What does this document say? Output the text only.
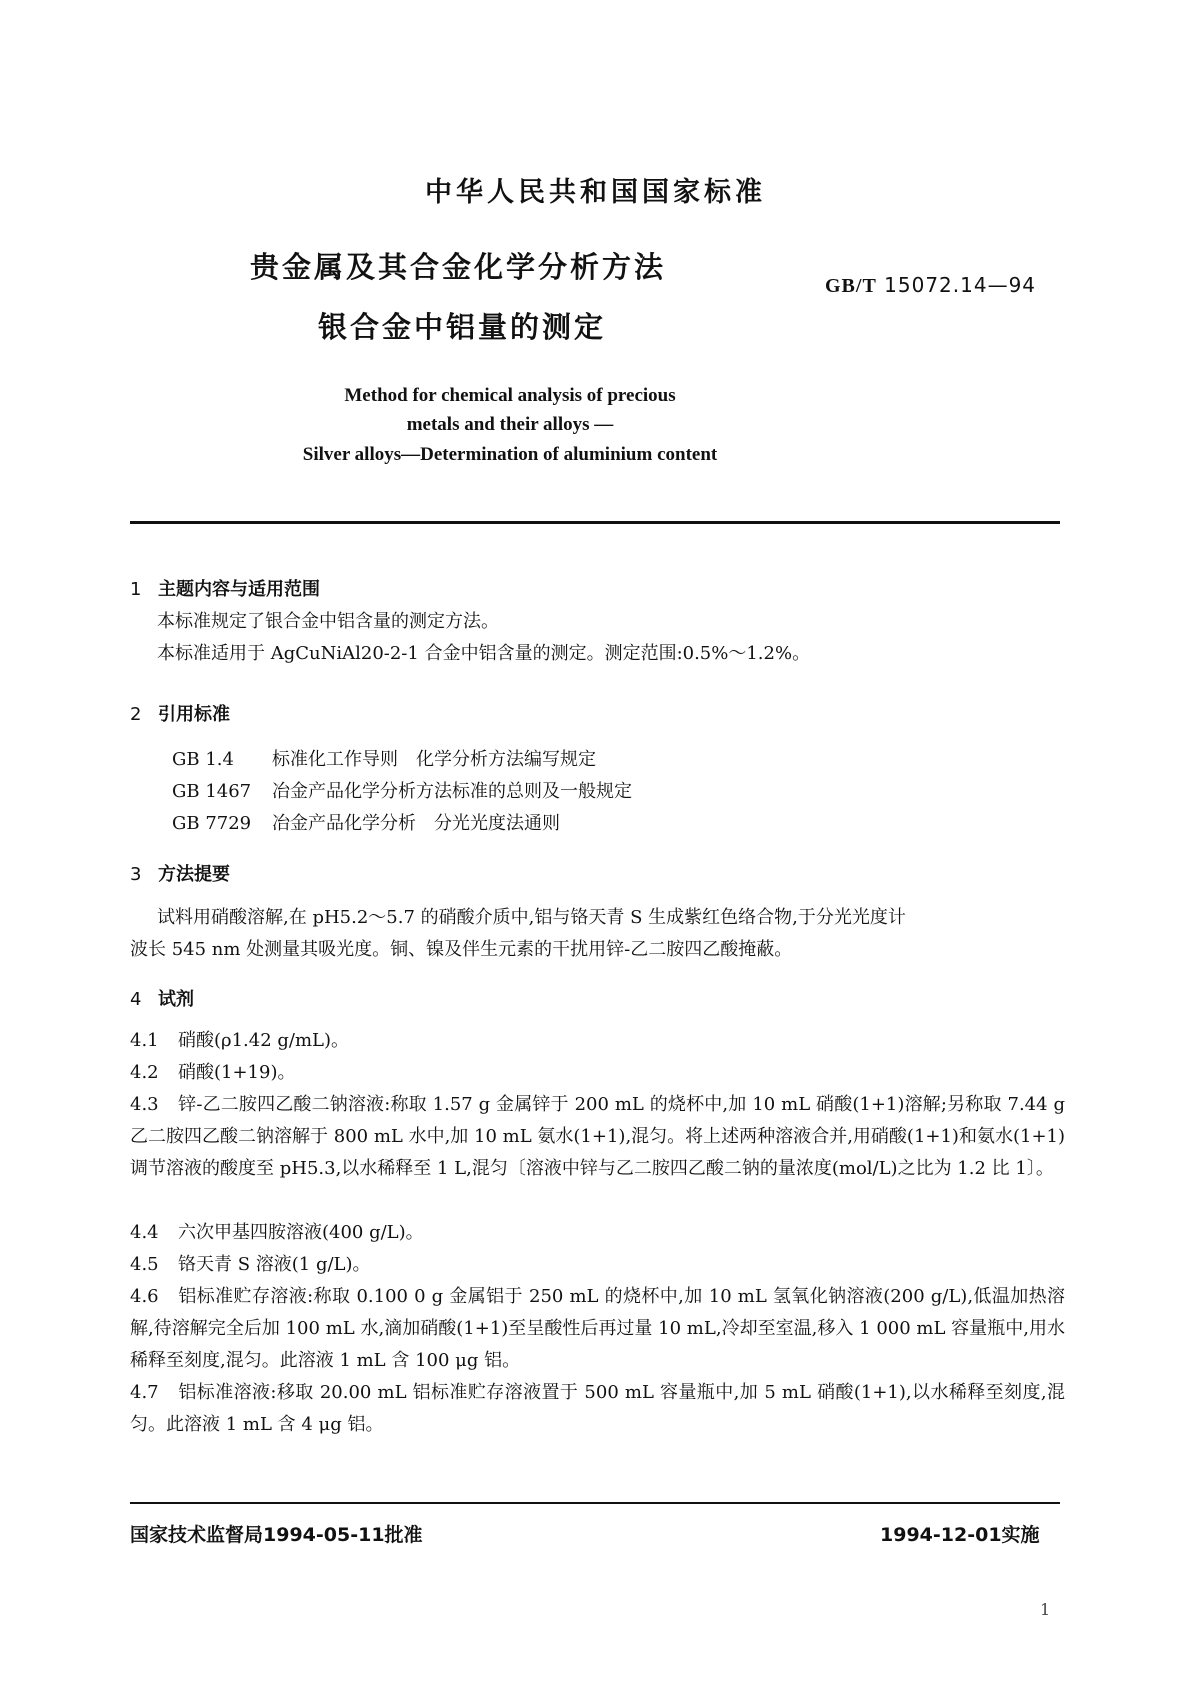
中华人民共和国国家标准
贵金属及其合金化学分析方法
银合金中铝量的测定
GB/T 15072.14—94
Method for chemical analysis of precious
metals and their alloys —
Silver alloys—Determination of aluminium content
1 主题内容与适用范围
本标准规定了银合金中铝含量的测定方法。
本标准适用于 AgCuNiAl20-2-1 合金中铝含量的测定。测定范围:0.5%～1.2%。
2 引用标准
GB 1.4 标准化工作导则　化学分析方法编写规定
GB 1467 冶金产品化学分析方法标准的总则及一般规定
GB 7729 冶金产品化学分析　分光光度法通则
3 方法提要
试料用硝酸溶解,在 pH5.2～5.7 的硝酸介质中,铝与铬天青 S 生成紫红色络合物,于分光光度计
波长 545 nm 处测量其吸光度。铜、镍及伴生元素的干扰用锌-乙二胺四乙酸掩蔽。
4 试剂
4.1 硝酸(ρ1.42 g/mL)。
4.2 硝酸(1+19)。
4.3 锌-乙二胺四乙酸二钠溶液:称取 1.57 g 金属锌于 200 mL 的烧杯中,加 10 mL 硝酸(1+1)溶解;另称取 7.44 g 乙二胺四乙酸二钠溶解于 800 mL 水中,加 10 mL 氨水(1+1),混匀。将上述两种溶液合并,用硝酸(1+1)和氨水(1+1)调节溶液的酸度至 pH5.3,以水稀释至 1 L,混匀〔溶液中锌与乙二胺四乙酸二钠的量浓度(mol/L)之比为 1.2 比 1〕。
4.4 六次甲基四胺溶液(400 g/L)。
4.5 铬天青 S 溶液(1 g/L)。
4.6 铝标准贮存溶液:称取 0.100 0 g 金属铝于 250 mL 的烧杯中,加 10 mL 氢氧化钠溶液(200 g/L),低温加热溶解,待溶解完全后加 100 mL 水,滴加硝酸(1+1)至呈酸性后再过量 10 mL,冷却至室温,移入 1 000 mL 容量瓶中,用水稀释至刻度,混匀。此溶液 1 mL 含 100 μg 铝。
4.7 铝标准溶液:移取 20.00 mL 铝标准贮存溶液置于 500 mL 容量瓶中,加 5 mL 硝酸(1+1),以水稀释至刻度,混匀。此溶液 1 mL 含 4 μg 铝。
国家技术监督局1994-05-11批准	1994-12-01实施
1
